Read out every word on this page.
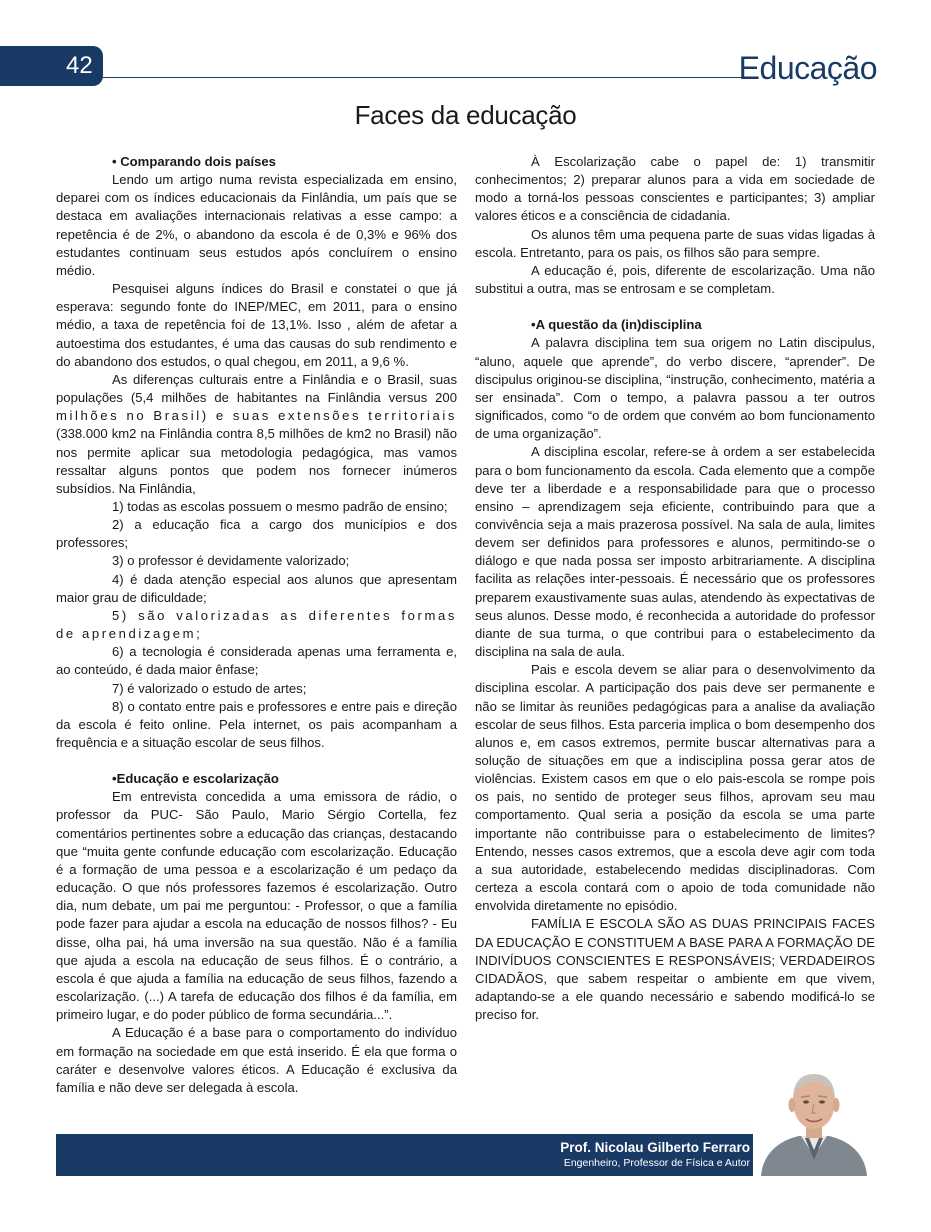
42	Educação
Faces da educação

• Comparando dois países

Lendo um artigo numa revista especializada em ensino, deparei com os índices educacionais da Finlândia, um país que se destaca em avaliações internacionais relativas a esse campo: a repetência é de 2%, o abandono da escola é de 0,3% e 96% dos estudantes continuam seus estudos após concluírem o ensino médio.

Pesquisei alguns índices do Brasil e constatei o que já esperava: segundo fonte do INEP/MEC, em 2011, para o ensino médio, a taxa de repetência foi de 13,1%. Isso , além de afetar a autoestima dos estudantes, é uma das causas do sub rendimento e do abandono dos estudos, o qual chegou, em 2011, a 9,6 %.

As diferenças culturais entre a Finlândia e o Brasil, suas populações (5,4 milhões de habitantes na Finlândia versus 200 milhões no Brasil) e suas extensões territoriais (338.000 km2 na Finlândia contra 8,5 milhões de km2 no Brasil) não nos permite aplicar sua metodologia pedagógica, mas vamos ressaltar alguns pontos que podem nos fornecer inúmeros subsídios. Na Finlândia,

1) todas as escolas possuem o mesmo padrão de ensino;

2) a educação fica a cargo dos municípios e dos professores;

3) o professor é devidamente valorizado;

4) é dada atenção especial aos alunos que apresentam maior grau de dificuldade;

5) são valorizadas as diferentes formas de aprendizagem;

6) a tecnologia é considerada apenas uma ferramenta e, ao conteúdo, é dada maior ênfase;

7) é valorizado o estudo de artes;

8) o contato entre pais e professores e entre pais e direção da escola é feito online. Pela internet, os pais acompanham a frequência e a situação escolar de seus filhos.

•Educação e escolarização

Em entrevista concedida a uma emissora de rádio, o professor da PUC- São Paulo, Mario Sérgio Cortella, fez comentários pertinentes sobre a educação das crianças, destacando que “muita gente confunde educação com escolarização. Educação é a formação de uma pessoa e a escolarização é um pedaço da educação. O que nós professores fazemos é escolarização. Outro dia, num debate, um pai me perguntou: - Professor, o que a família pode fazer para ajudar a escola na educação de nossos filhos? - Eu disse, olha pai, há uma inversão na sua questão. Não é a família que ajuda a escola na educação de seus filhos. É o contrário, a escola é que ajuda a família na educação de seus filhos, fazendo a escolarização. (...) A tarefa de educação dos filhos é da família, em primeiro lugar, e do poder público de forma secundária...”.

A Educação é a base para o comportamento do indivíduo em formação na sociedade em que está inserido. É ela que forma o caráter e desenvolve valores éticos. A Educação é exclusiva da família e não deve ser delegada à escola.

À Escolarização cabe o papel de: 1) transmitir conhecimentos; 2) preparar alunos para a vida em sociedade de modo a torná-los pessoas conscientes e participantes; 3) ampliar valores éticos e a consciência de cidadania.

Os alunos têm uma pequena parte de suas vidas ligadas à escola. Entretanto, para os pais, os filhos são para sempre.

A educação é, pois, diferente de escolarização. Uma não substitui a outra, mas se entrosam e se completam.

•A questão da (in)disciplina

A palavra disciplina tem sua origem no Latin discipulus, “aluno, aquele que aprende”, do verbo discere, “aprender”. De discipulus originou-se disciplina, “instrução, conhecimento, matéria a ser ensinada”. Com o tempo, a palavra passou a ter outros significados, como “o de ordem que convém ao bom funcionamento de uma organização”.

A disciplina escolar, refere-se à ordem a ser estabelecida para o bom funcionamento da escola. Cada elemento que a compõe deve ter a liberdade e a responsabilidade para que o processo ensino – aprendizagem seja eficiente, contribuindo para que a convivência seja a mais prazerosa possível. Na sala de aula, limites devem ser definidos para professores e alunos, permitindo-se o diálogo e que nada possa ser imposto arbitrariamente. A disciplina facilita as relações inter-pessoais. É necessário que os professores preparem exaustivamente suas aulas, atendendo às expectativas de seus alunos. Desse modo, é reconhecida a autoridade do professor diante de sua turma, o que contribui para o estabelecimento da disciplina na sala de aula.

Pais e escola devem se aliar para o desenvolvimento da disciplina escolar. A participação dos pais deve ser permanente e não se limitar às reuniões pedagógicas para a analise da avaliação escolar de seus filhos. Esta parceria implica o bom desempenho dos alunos e, em casos extremos, permite buscar alternativas para a solução de situações em que a indisciplina possa gerar atos de violências. Existem casos em que o elo pais-escola se rompe pois os pais, no sentido de proteger seus filhos, aprovam seu mau comportamento. Qual seria a posição da escola se uma parte importante não contribuisse para o estabelecimento de limites? Entendo, nesses casos extremos, que a escola deve agir com toda a sua autoridade, estabelecendo medidas disciplinadoras. Com certeza a escola contará com o apoio de toda comunidade não envolvida diretamente no episódio.

FAMÍLIA E ESCOLA SÃO AS DUAS PRINCIPAIS FACES DA EDUCAÇÃO E CONSTITUEM A BASE PARA A FORMAÇÃO DE INDIVÍDUOS CONSCIENTES E RESPONSÁVEIS; VERDADEIROS CIDADÃOS, que sabem respeitar o ambiente em que vivem, adaptando-se a ele quando necessário e sabendo modificá-lo se preciso for.

Prof. Nicolau Gilberto Ferraro
Engenheiro, Professor de Física e Autor
